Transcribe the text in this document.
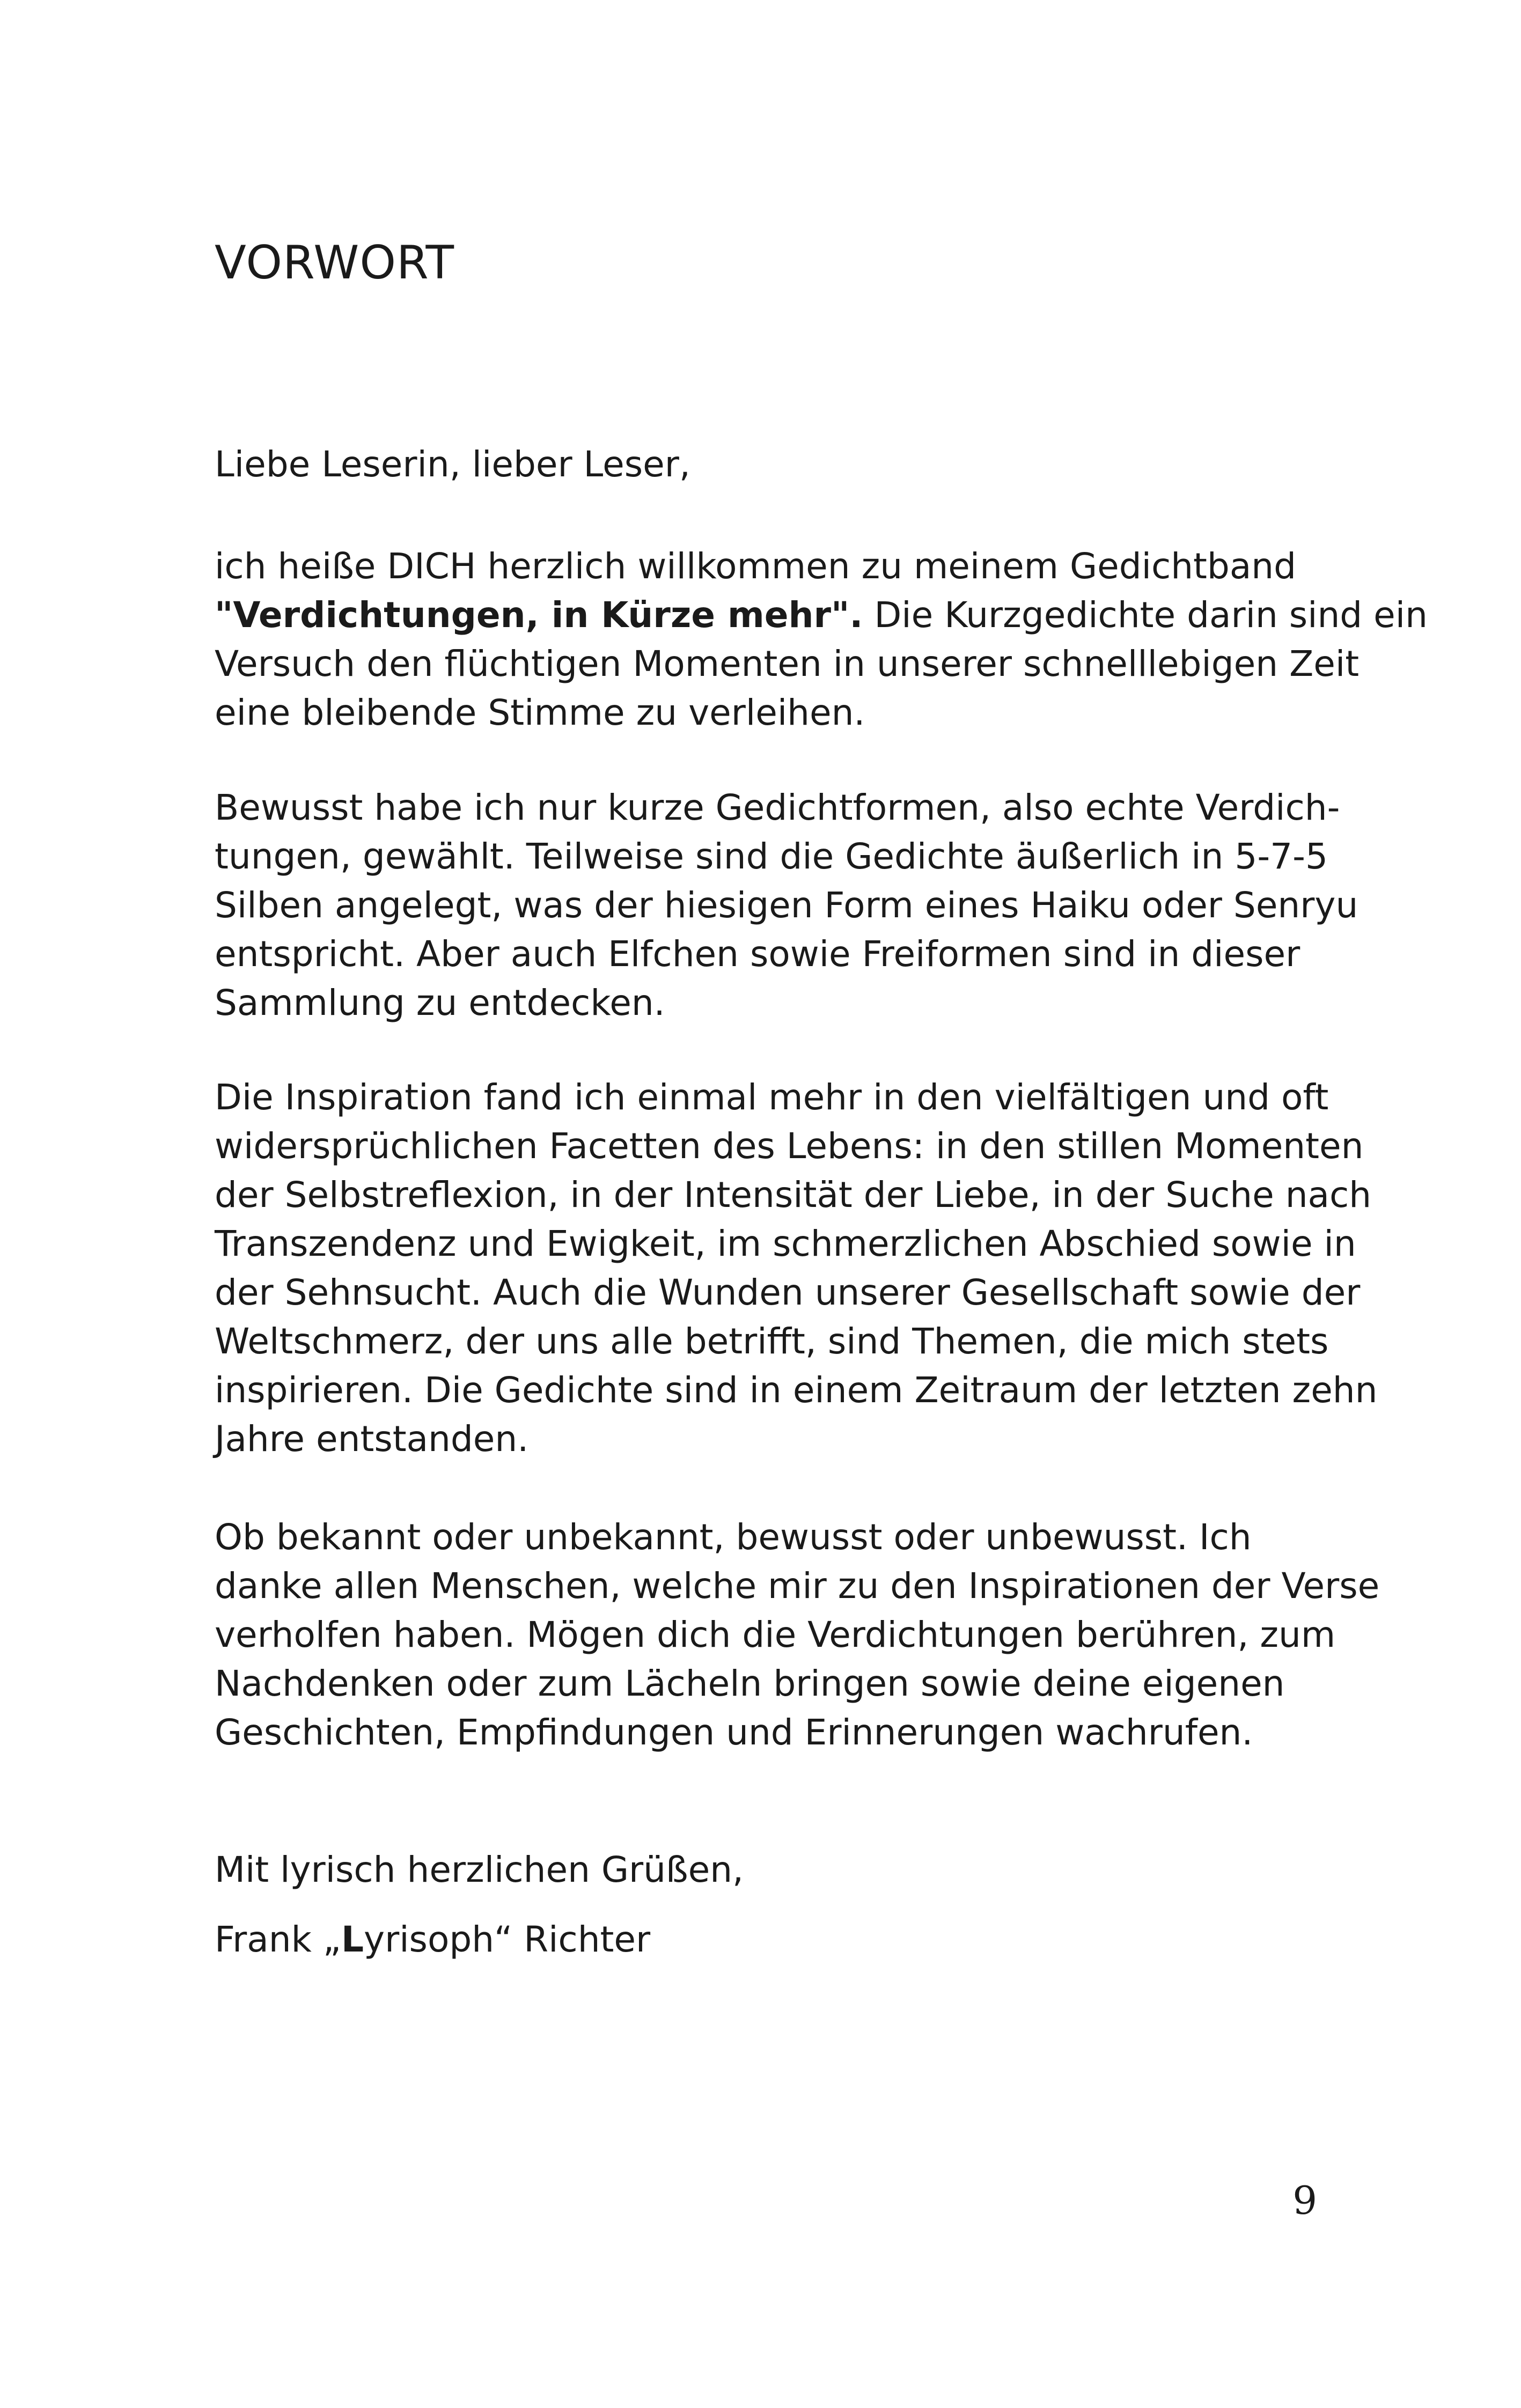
VORWORT

Liebe Leserin, lieber Leser,

ich heiße DICH herzlich willkommen zu meinem Gedichtband
"Verdichtungen, in Kürze mehr". Die Kurzgedichte darin sind ein
Versuch den flüchtigen Momenten in unserer schnelllebigen Zeit
eine bleibende Stimme zu verleihen.

Bewusst habe ich nur kurze Gedichtformen, also echte Verdich-
tungen, gewählt. Teilweise sind die Gedichte äußerlich in 5-7-5
Silben angelegt, was der hiesigen Form eines Haiku oder Senryu
entspricht. Aber auch Elfchen sowie Freiformen sind in dieser
Sammlung zu entdecken.

Die Inspiration fand ich einmal mehr in den vielfältigen und oft
widersprüchlichen Facetten des Lebens: in den stillen Momenten
der Selbstreflexion, in der Intensität der Liebe, in der Suche nach
Transzendenz und Ewigkeit, im schmerzlichen Abschied sowie in
der Sehnsucht. Auch die Wunden unserer Gesellschaft sowie der
Weltschmerz, der uns alle betrifft, sind Themen, die mich stets
inspirieren. Die Gedichte sind in einem Zeitraum der letzten zehn
Jahre entstanden.

Ob bekannt oder unbekannt, bewusst oder unbewusst. Ich
danke allen Menschen, welche mir zu den Inspirationen der Verse
verholfen haben. Mögen dich die Verdichtungen berühren, zum
Nachdenken oder zum Lächeln bringen sowie deine eigenen
Geschichten, Empfindungen und Erinnerungen wachrufen.

Mit lyrisch herzlichen Grüßen,

Frank „Lyrisoph“ Richter

9
